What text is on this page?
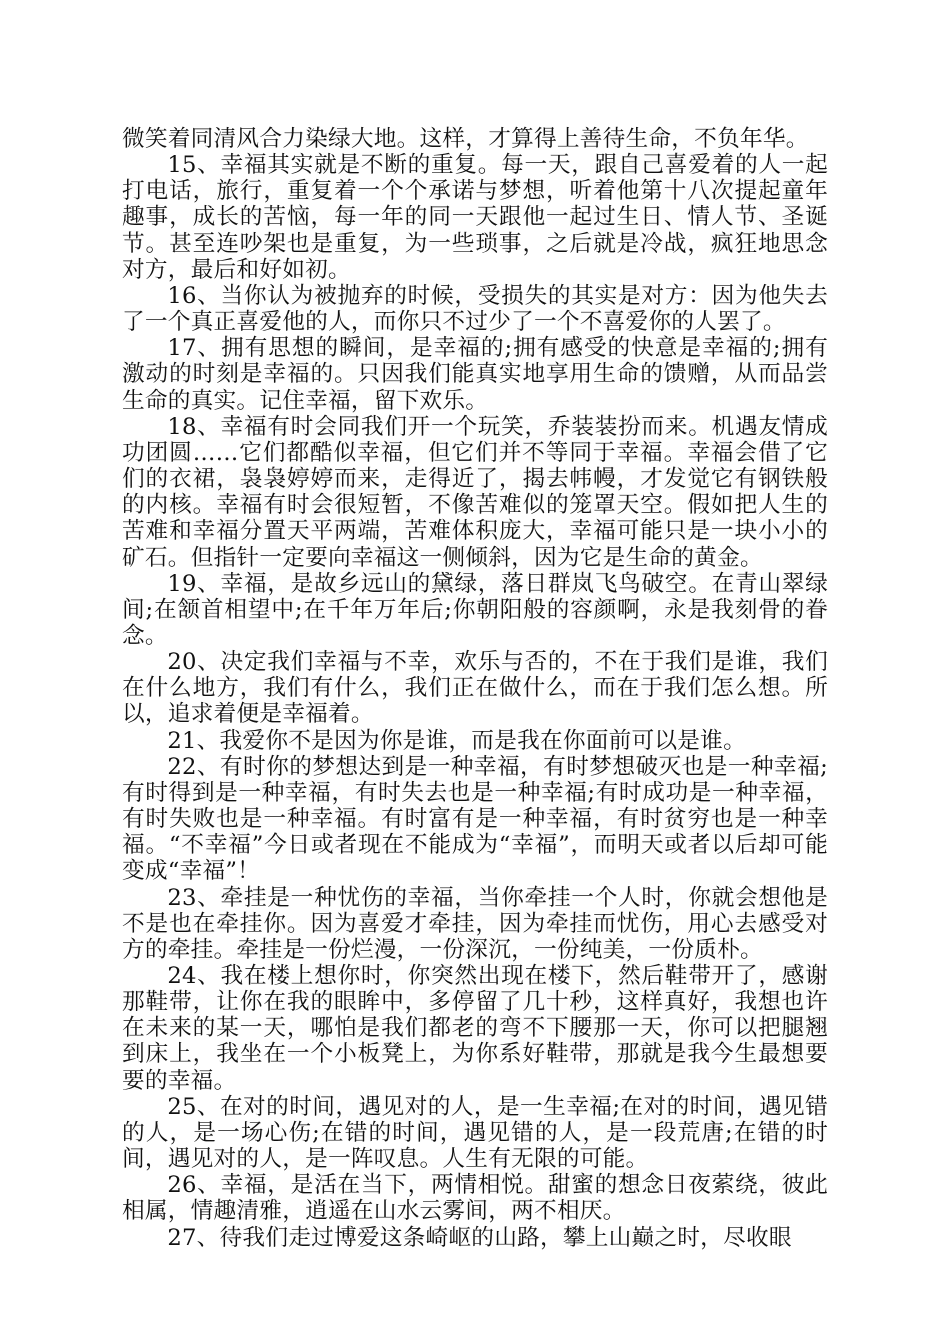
微笑着同清风合力染绿大地。这样，才算得上善待生命，不负年华。

15、幸福其实就是不断的重复。每一天，跟自己喜爱着的人一起打电话，旅行，重复着一个个承诺与梦想，听着他第十八次提起童年趣事，成长的苦恼，每一年的同一天跟他一起过生日、情人节、圣诞节。甚至连吵架也是重复，为一些琐事，之后就是冷战，疯狂地思念对方，最后和好如初。

16、当你认为被抛弃的时候，受损失的其实是对方：因为他失去了一个真正喜爱他的人，而你只不过少了一个不喜爱你的人罢了。

17、拥有思想的瞬间，是幸福的;拥有感受的快意是幸福的;拥有激动的时刻是幸福的。只因我们能真实地享用生命的馈赠，从而品尝生命的真实。记住幸福，留下欢乐。

18、幸福有时会同我们开一个玩笑，乔装装扮而来。机遇友情成功团圆……它们都酷似幸福，但它们并不等同于幸福。幸福会借了它们的衣裙，袅袅婷婷而来，走得近了，揭去帏幔，才发觉它有钢铁般的内核。幸福有时会很短暂，不像苦难似的笼罩天空。假如把人生的苦难和幸福分置天平两端，苦难体积庞大，幸福可能只是一块小小的矿石。但指针一定要向幸福这一侧倾斜，因为它是生命的黄金。

19、幸福，是故乡远山的黛绿，落日群岚飞鸟破空。在青山翠绿间;在颔首相望中;在千年万年后;你朝阳般的容颜啊，永是我刻骨的眷念。

20、决定我们幸福与不幸，欢乐与否的，不在于我们是谁，我们在什么地方，我们有什么，我们正在做什么，而在于我们怎么想。所以，追求着便是幸福着。

21、我爱你不是因为你是谁，而是我在你面前可以是谁。

22、有时你的梦想达到是一种幸福，有时梦想破灭也是一种幸福;有时得到是一种幸福，有时失去也是一种幸福;有时成功是一种幸福，有时失败也是一种幸福。有时富有是一种幸福，有时贫穷也是一种幸福。“不幸福”今日或者现在不能成为“幸福”，而明天或者以后却可能变成“幸福”！

23、牵挂是一种忧伤的幸福，当你牵挂一个人时，你就会想他是不是也在牵挂你。因为喜爱才牵挂，因为牵挂而忧伤，用心去感受对方的牵挂。牵挂是一份烂漫，一份深沉，一份纯美，一份质朴。

24、我在楼上想你时，你突然出现在楼下，然后鞋带开了，感谢那鞋带，让你在我的眼眸中，多停留了几十秒，这样真好，我想也许在未来的某一天，哪怕是我们都老的弯不下腰那一天，你可以把腿翘到床上，我坐在一个小板凳上，为你系好鞋带，那就是我今生最想要要的幸福。

25、在对的时间，遇见对的人，是一生幸福;在对的时间，遇见错的人，是一场心伤;在错的时间，遇见错的人，是一段荒唐;在错的时间，遇见对的人，是一阵叹息。人生有无限的可能。

26、幸福，是活在当下，两情相悦。甜蜜的想念日夜萦绕，彼此相属，情趣清雅，逍遥在山水云雾间，两不相厌。

27、待我们走过博爱这条崎岖的山路，攀上山巅之时，尽收眼
